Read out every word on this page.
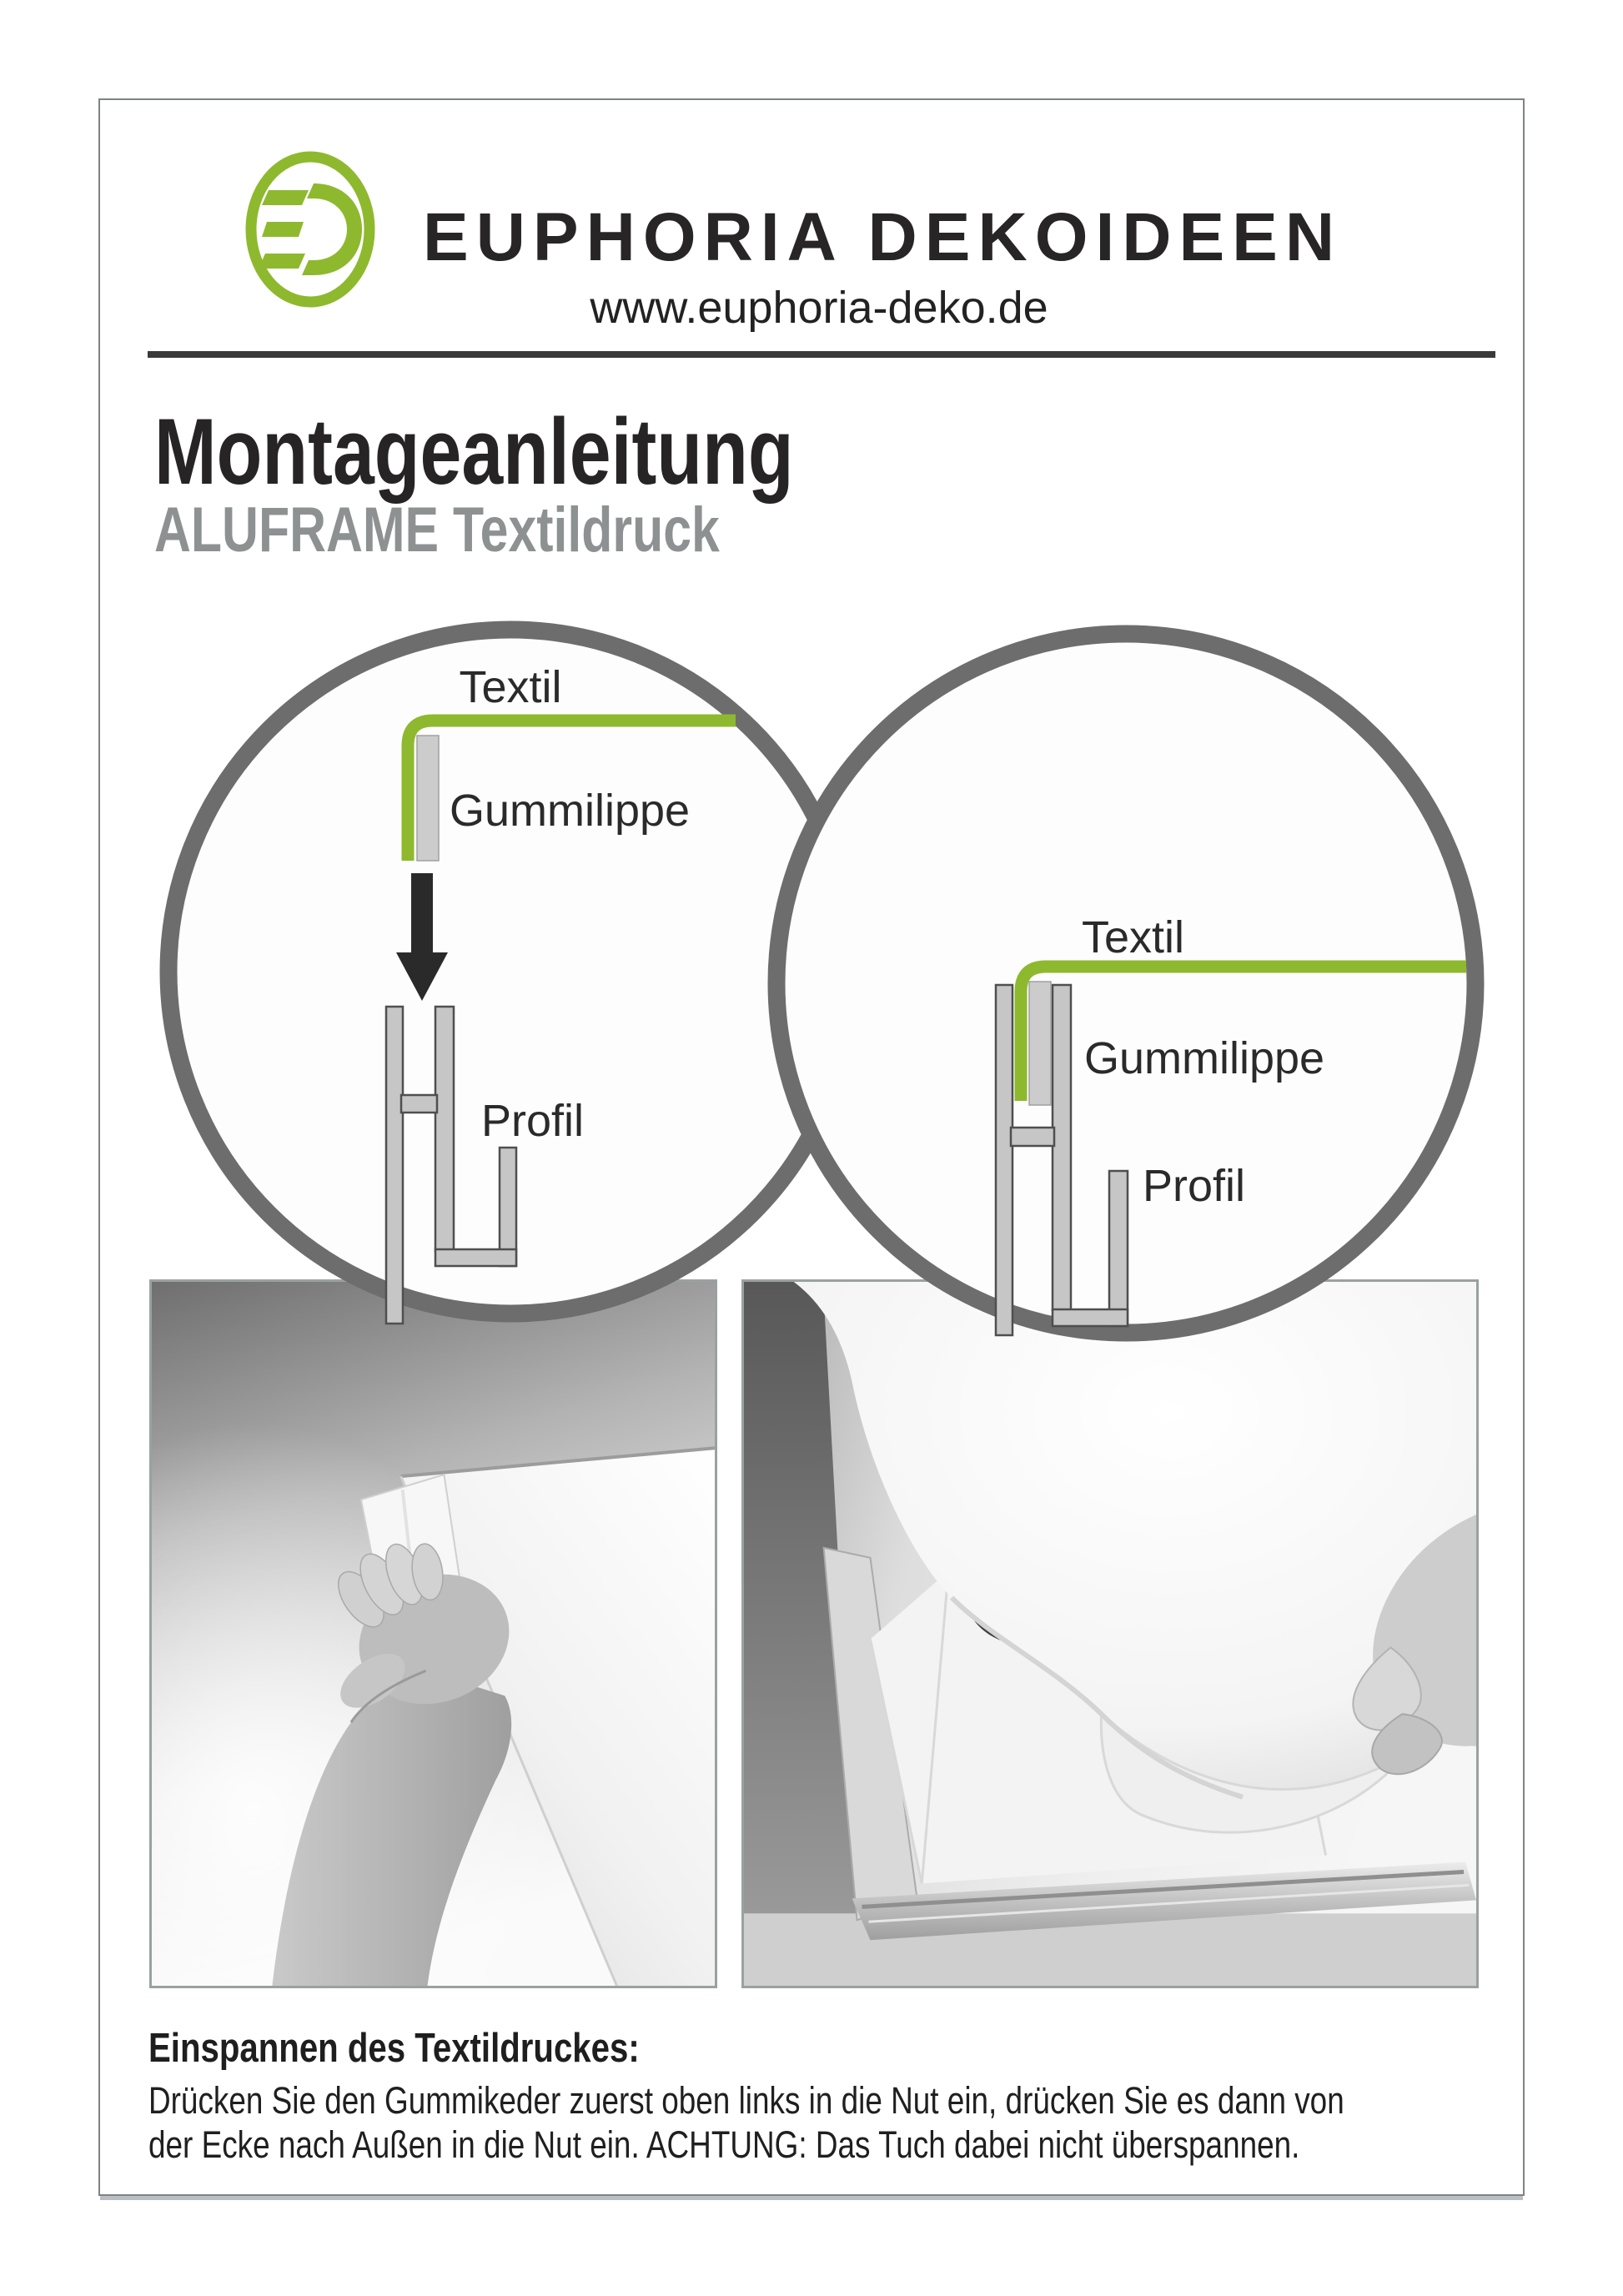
EUPHORIA DEKOIDEEN
www.euphoria-deko.de
Montageanleitung
ALUFRAME Textildruck
Textil
Gummilippe
Profil
Textil
Gummilippe
Profil
Einspannen des Textildruckes:
Drücken Sie den Gummikeder zuerst oben links in die Nut ein, drücken Sie es dann von
der Ecke nach Außen in die Nut ein. ACHTUNG: Das Tuch dabei nicht überspannen.
